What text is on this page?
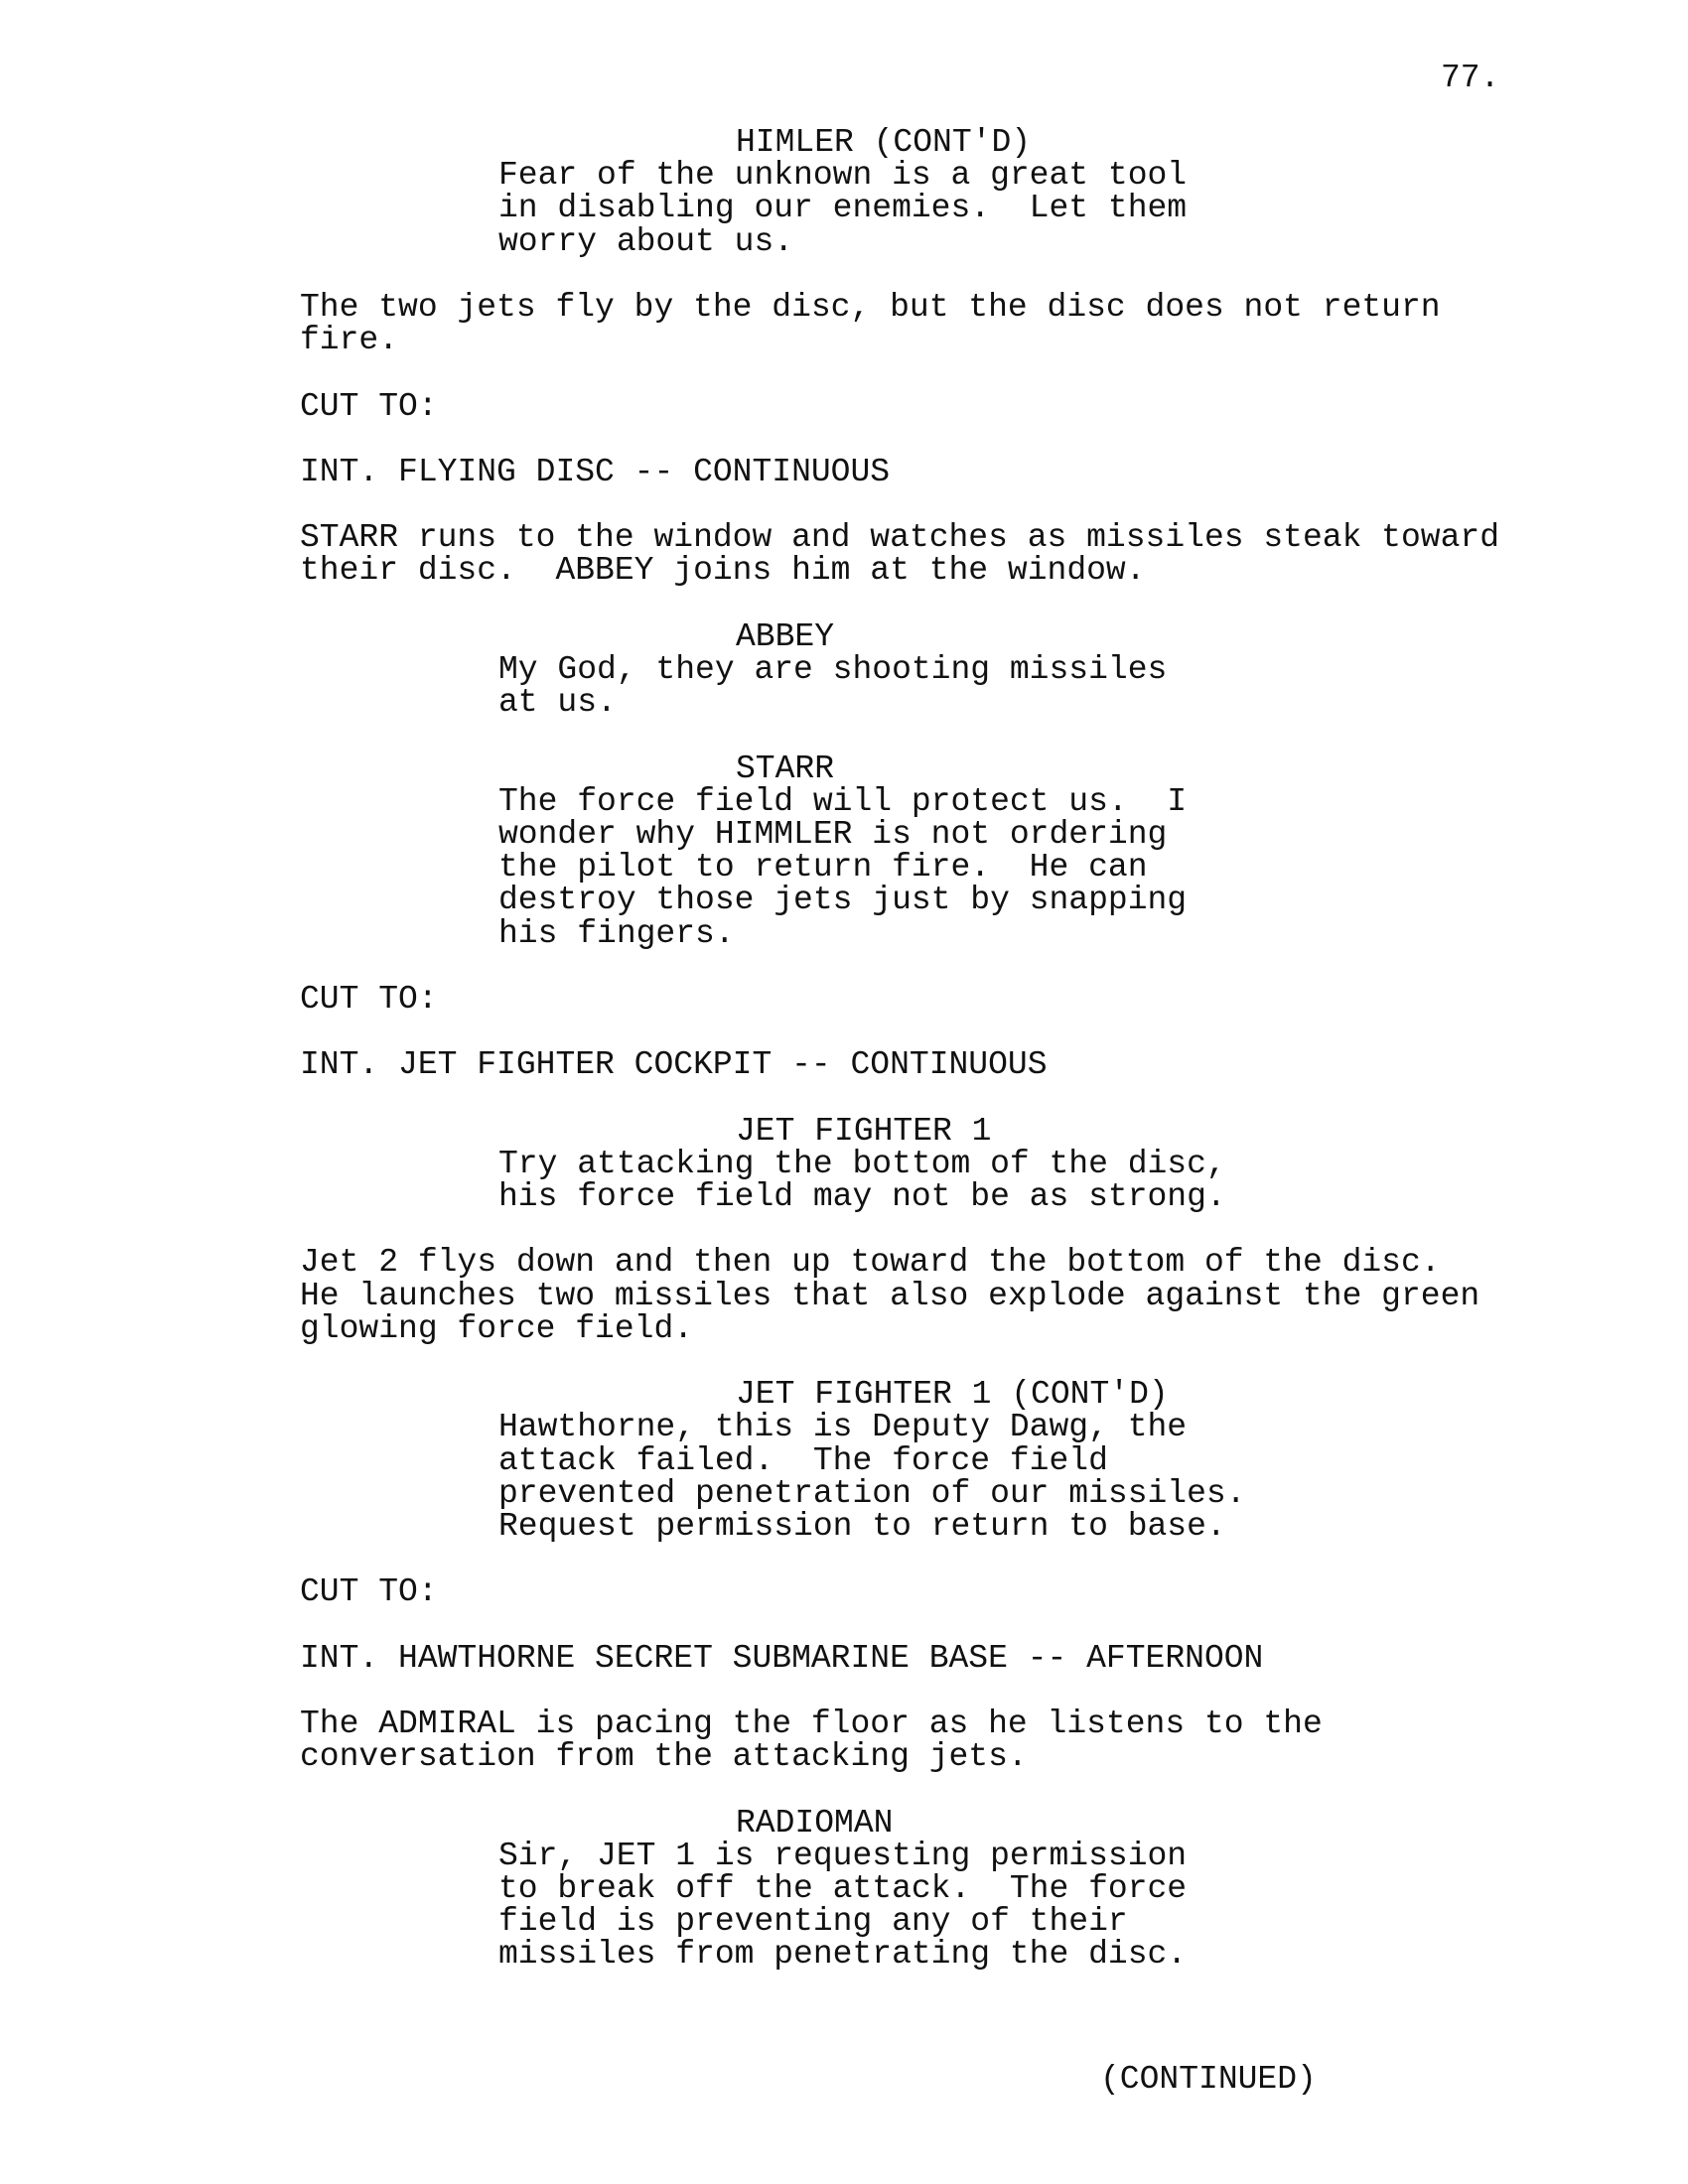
77.
HIMLER (CONT'D)
Fear of the unknown is a great tool
in disabling our enemies.  Let them
worry about us.
The two jets fly by the disc, but the disc does not return
fire.
CUT TO:
INT. FLYING DISC -- CONTINUOUS
STARR runs to the window and watches as missiles steak toward
their disc.  ABBEY joins him at the window.
ABBEY
My God, they are shooting missiles
at us.
STARR
The force field will protect us.  I
wonder why HIMMLER is not ordering
the pilot to return fire.  He can
destroy those jets just by snapping
his fingers.
CUT TO:
INT. JET FIGHTER COCKPIT -- CONTINUOUS
JET FIGHTER 1
Try attacking the bottom of the disc,
his force field may not be as strong.
Jet 2 flys down and then up toward the bottom of the disc.
He launches two missiles that also explode against the green
glowing force field.
JET FIGHTER 1 (CONT'D)
Hawthorne, this is Deputy Dawg, the
attack failed.  The force field
prevented penetration of our missiles.
Request permission to return to base.
CUT TO:
INT. HAWTHORNE SECRET SUBMARINE BASE -- AFTERNOON
The ADMIRAL is pacing the floor as he listens to the
conversation from the attacking jets.
RADIOMAN
Sir, JET 1 is requesting permission
to break off the attack.  The force
field is preventing any of their
missiles from penetrating the disc.
(CONTINUED)
